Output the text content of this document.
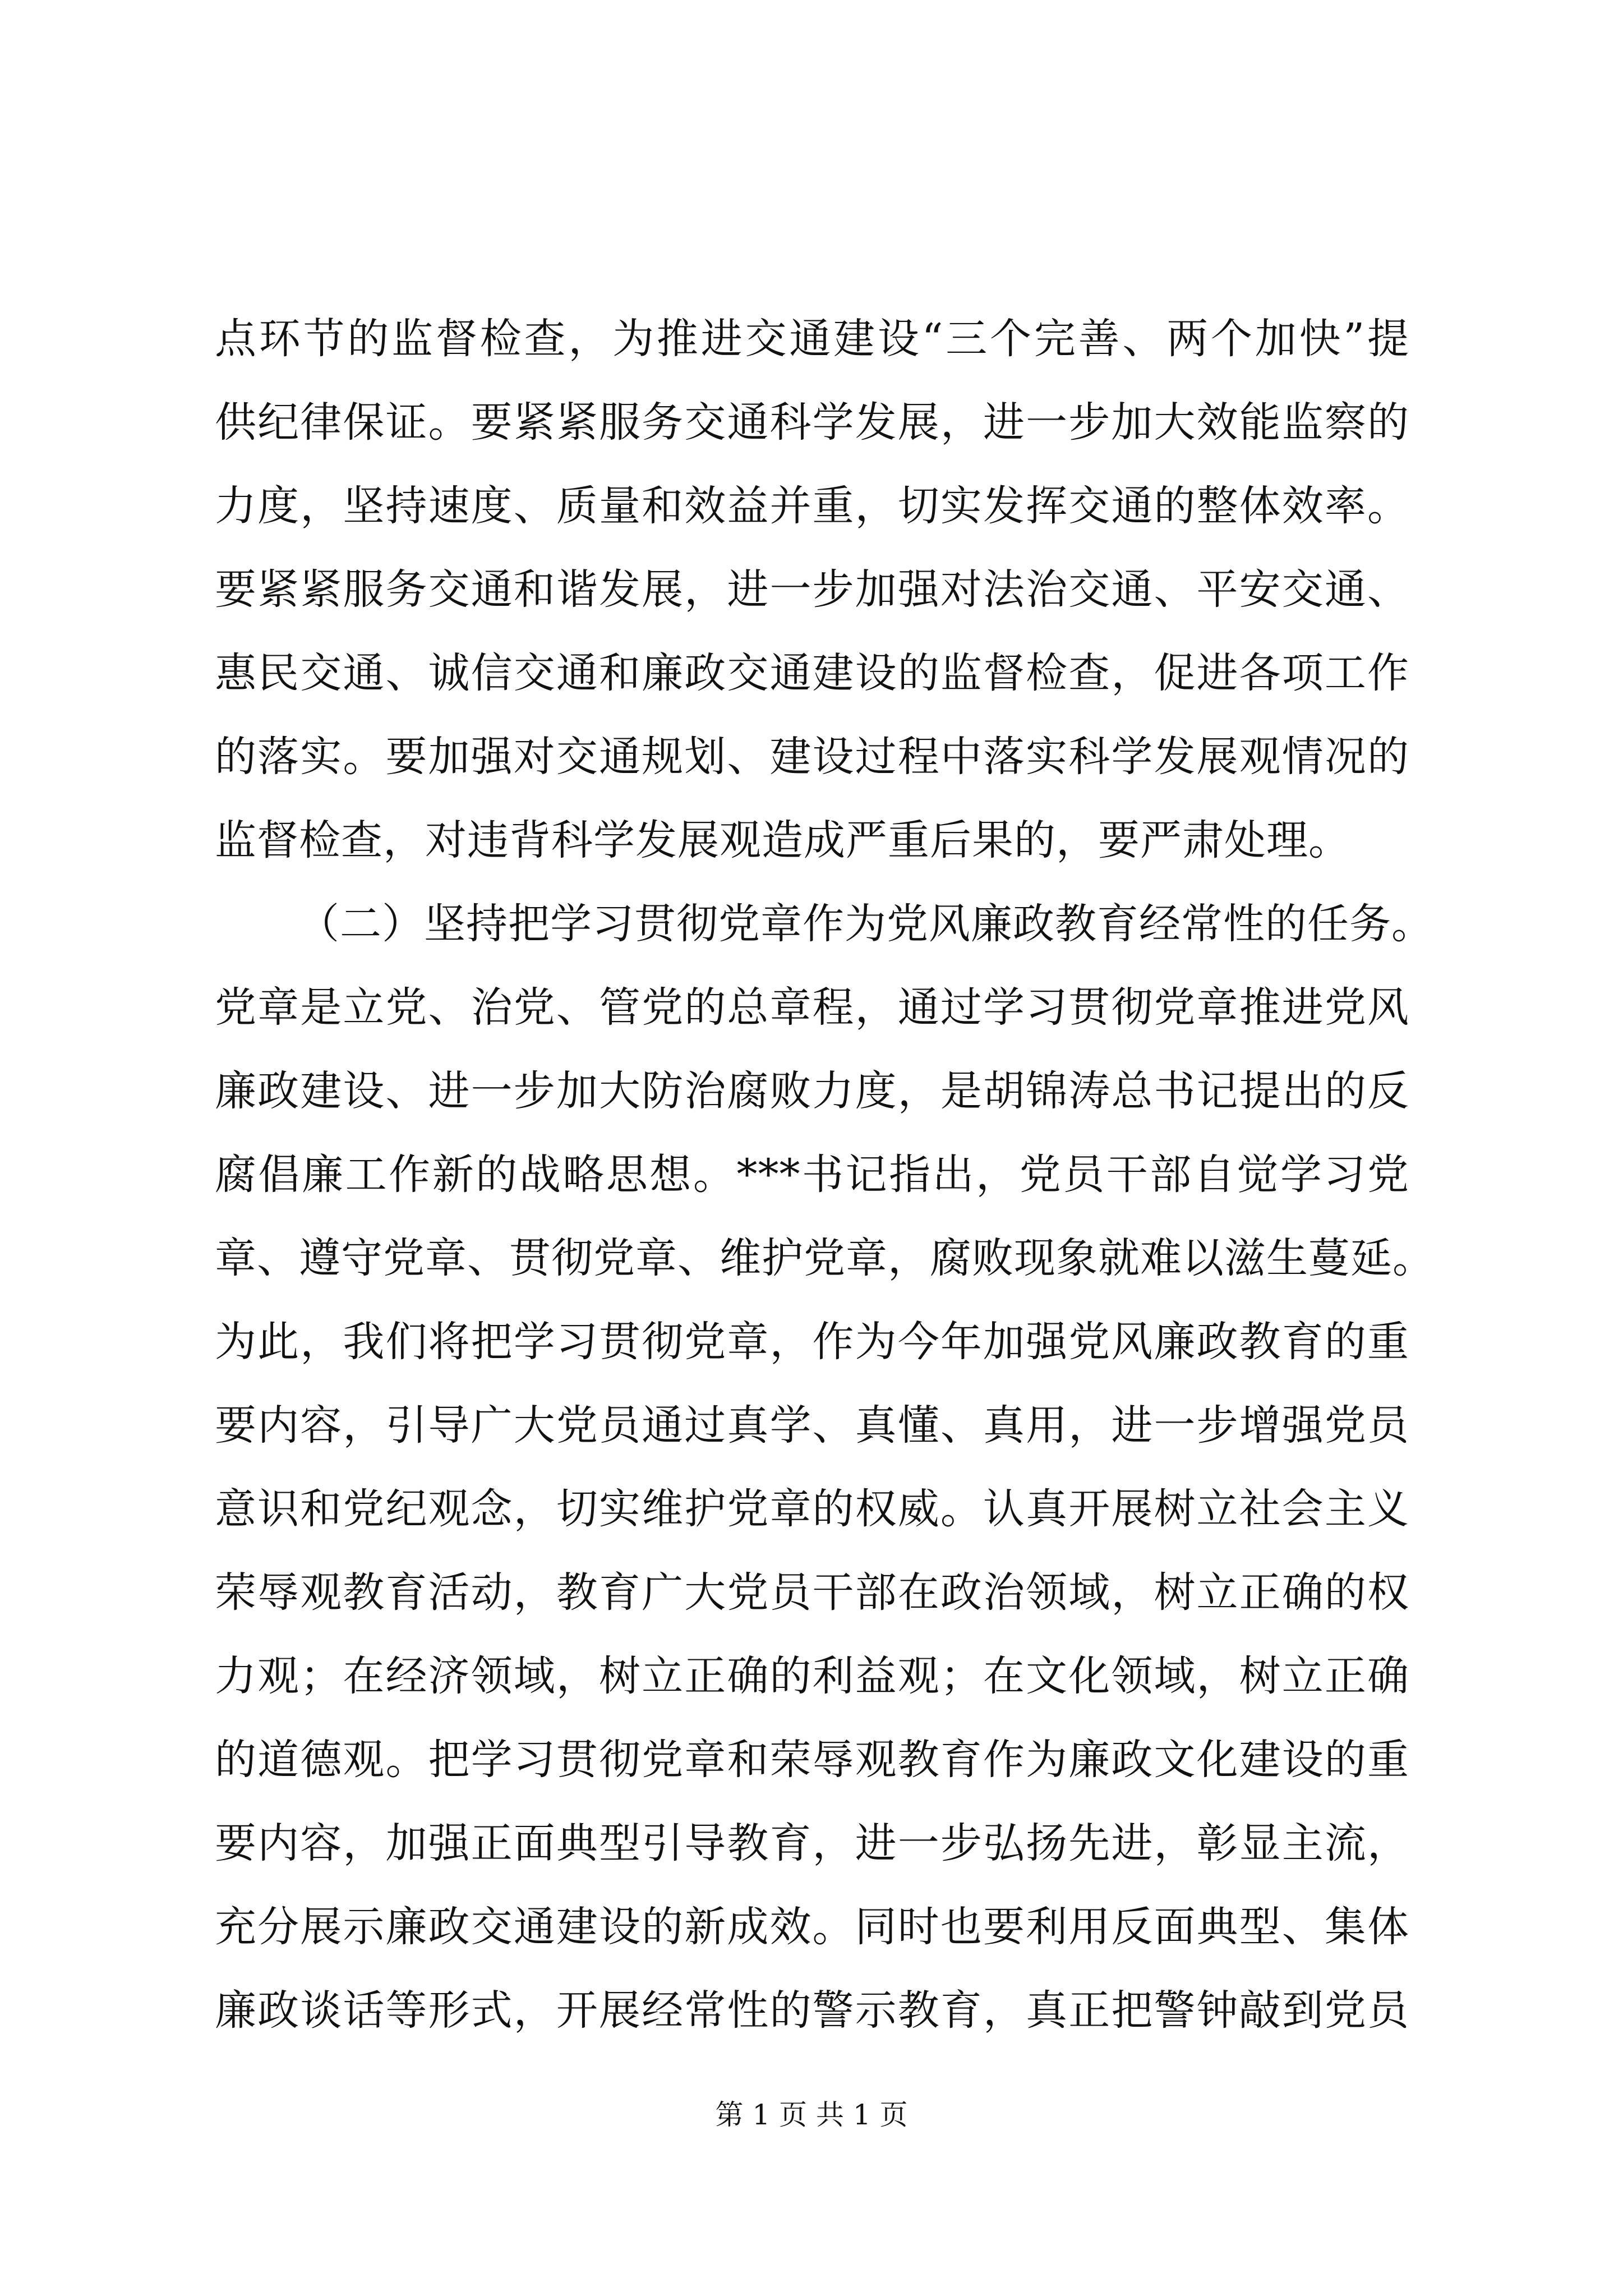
点环节的监督检查，为推进交通建设“三个完善、两个加快”提
供纪律保证。要紧紧服务交通科学发展，进一步加大效能监察的
力度，坚持速度、质量和效益并重，切实发挥交通的整体效率。
要紧紧服务交通和谐发展，进一步加强对法治交通、平安交通、
惠民交通、诚信交通和廉政交通建设的监督检查，促进各项工作
的落实。要加强对交通规划、建设过程中落实科学发展观情况的
监督检查，对违背科学发展观造成严重后果的，要严肃处理。
（二）坚持把学习贯彻党章作为党风廉政教育经常性的任务。
党章是立党、治党、管党的总章程，通过学习贯彻党章推进党风
廉政建设、进一步加大防治腐败力度，是胡锦涛总书记提出的反
腐倡廉工作新的战略思想。***书记指出，党员干部自觉学习党
章、遵守党章、贯彻党章、维护党章，腐败现象就难以滋生蔓延。
为此，我们将把学习贯彻党章，作为今年加强党风廉政教育的重
要内容，引导广大党员通过真学、真懂、真用，进一步增强党员
意识和党纪观念，切实维护党章的权威。认真开展树立社会主义
荣辱观教育活动，教育广大党员干部在政治领域，树立正确的权
力观；在经济领域，树立正确的利益观；在文化领域，树立正确
的道德观。把学习贯彻党章和荣辱观教育作为廉政文化建设的重
要内容，加强正面典型引导教育，进一步弘扬先进，彰显主流，
充分展示廉政交通建设的新成效。同时也要利用反面典型、集体
廉政谈话等形式，开展经常性的警示教育，真正把警钟敲到党员
第 1 页 共 1 页
